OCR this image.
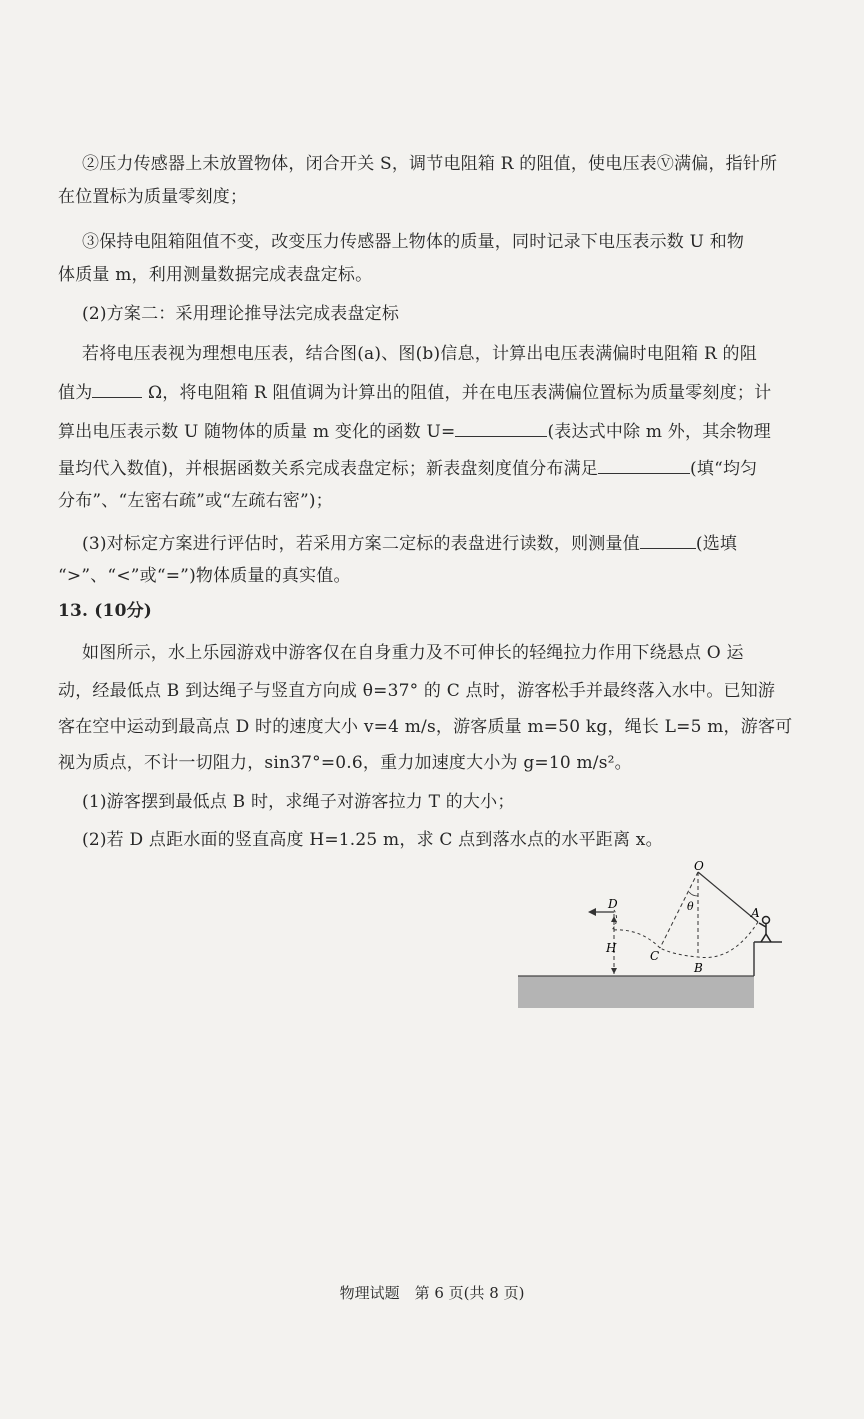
②压力传感器上未放置物体，闭合开关 S，调节电阻箱 R 的阻值，使电压表Ⓥ满偏，指针所
在位置标为质量零刻度；
③保持电阻箱阻值不变，改变压力传感器上物体的质量，同时记录下电压表示数 U 和物
体质量 m，利用测量数据完成表盘定标。
(2)方案二：采用理论推导法完成表盘定标
若将电压表视为理想电压表，结合图(a)、图(b)信息，计算出电压表满偏时电阻箱 R 的阻
值为	Ω，将电阻箱 R 阻值调为计算出的阻值，并在电压表满偏位置标为质量零刻度；计
算出电压表示数 U 随物体的质量 m 变化的函数 U=	(表达式中除 m 外，其余物理
量均代入数值)，并根据函数关系完成表盘定标；新表盘刻度值分布满足	(填“均匀
分布”、“左密右疏”或“左疏右密”)；
(3)对标定方案进行评估时，若采用方案二定标的表盘进行读数，则测量值	(选填
“>”、“<”或“=”)物体质量的真实值。
13. (10分)
如图所示，水上乐园游戏中游客仅在自身重力及不可伸长的轻绳拉力作用下绕悬点 O 运
动，经最低点 B 到达绳子与竖直方向成 θ=37° 的 C 点时，游客松手并最终落入水中。已知游
客在空中运动到最高点 D 时的速度大小 v=4 m/s，游客质量 m=50 kg，绳长 L=5 m，游客可
视为质点，不计一切阻力，sin37°=0.6，重力加速度大小为 g=10 m/s²。
(1)游客摆到最低点 B 时，求绳子对游客拉力 T 的大小；
(2)若 D 点距水面的竖直高度 H=1.25 m，求 C 点到落水点的水平距离 x。
O
A
B
C
D
H
θ
物理试题　第 6 页(共 8 页)
